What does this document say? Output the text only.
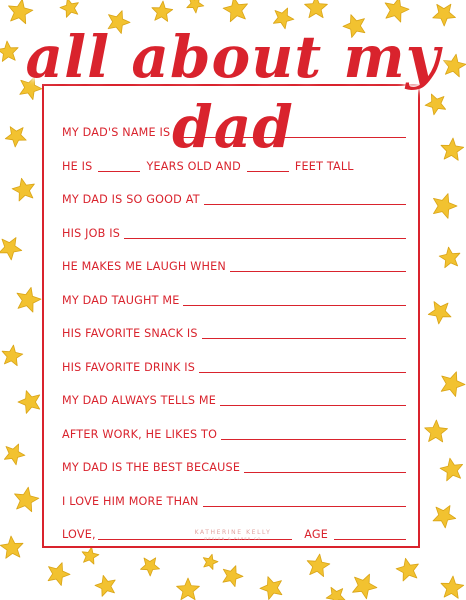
all about my dad
MY DAD'S NAME IS
HE IS	YEARS OLD AND	FEET TALL
MY DAD IS SO GOOD AT
HIS JOB IS
HE MAKES ME LAUGH WHEN
MY DAD TAUGHT ME
HIS FAVORITE SNACK IS
HIS FAVORITE DRINK IS
MY DAD ALWAYS TELLS ME
AFTER WORK, HE LIKES TO
MY DAD IS THE BEST BECAUSE
I LOVE HIM MORE THAN
LOVE,	AGE
KATHERINE KELLY
DESIGN & PAPER CO
